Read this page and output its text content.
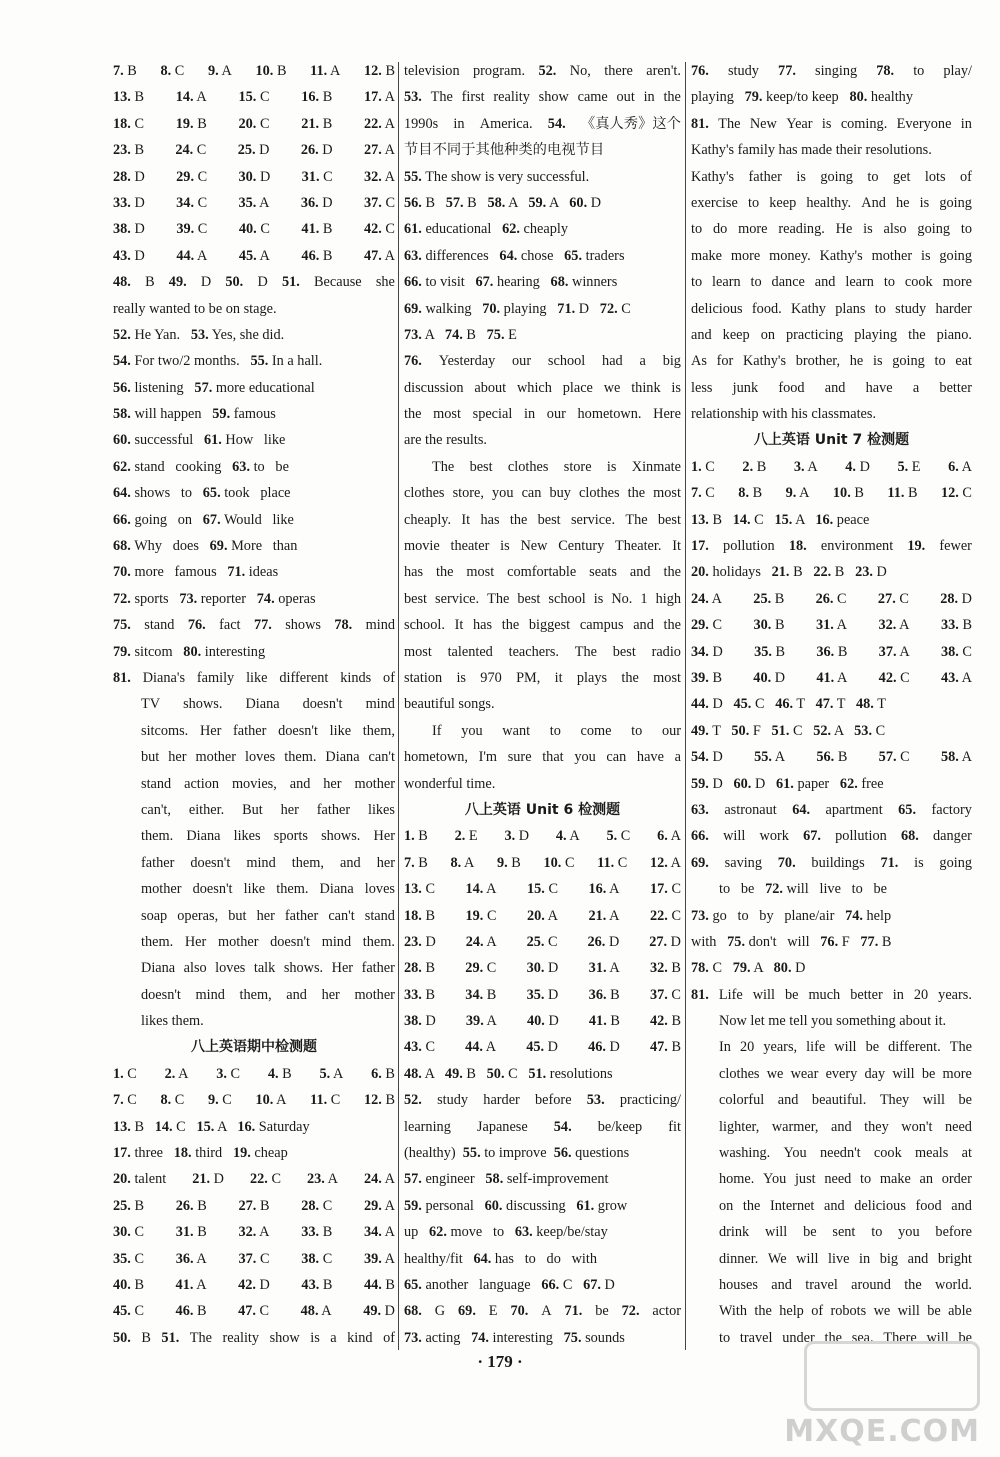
7. B 8. C 9. A 10. B 11. A 12. B
13. B 14. A 15. C 16. B 17. A
18. C 19. B 20. C 21. B 22. A
23. B 24. C 25. D 26. D 27. A
28. D 29. C 30. D 31. C 32. A
33. D 34. C 35. A 36. D 37. C
38. D 39. C 40. C 41. B 42. C
43. D 44. A 45. A 46. B 47. A
48. B 49. D 50. D 51. Because she
really wanted to be on stage.
52. He Yan.   53. Yes, she did.
54. For two/2 months.   55. In a hall.
56. listening   57. more educational
58. will happen   59. famous
60. successful   61. How   like
62. stand   cooking   63. to   be
64. shows   to   65. took   place
66. going   on   67. Would   like
68. Why   does   69. More   than
70. more   famous   71. ideas
72. sports   73. reporter   74. operas
75. stand 76. fact 77. shows 78. mind
79. sitcom   80. interesting
81. Diana's family like different kinds of
TV shows. Diana doesn't mind
sitcoms. Her father doesn't like them,
but her mother loves them. Diana can't
stand action movies, and her mother
can't, either. But her father likes
them. Diana likes sports shows. Her
father doesn't mind them, and her
mother doesn't like them. Diana loves
soap operas, but her father can't stand
them. Her mother doesn't mind them.
Diana also loves talk shows. Her father
doesn't mind them, and her mother
likes them.
八上英语期中检测题
1. C 2. A 3. C 4. B 5. A 6. B
7. C 8. C 9. C 10. A 11. C 12. B
13. B   14. C   15. A   16. Saturday
17. three   18. third   19. cheap
20. talent 21. D 22. C 23. A 24. A
25. B 26. B 27. B 28. C 29. A
30. C 31. B 32. A 33. B 34. A
35. C 36. A 37. C 38. C 39. A
40. B 41. A 42. D 43. B 44. B
45. C 46. B 47. C 48. A 49. D
50. B 51. The reality show is a kind of
television program. 52. No, there aren't.
53. The first reality show came out in the
1990s in America. 54. 《真人秀》这个
节目不同于其他种类的电视节目
55. The show is very successful.
56. B   57. B   58. A   59. A   60. D
61. educational   62. cheaply
63. differences   64. chose   65. traders
66. to visit   67. hearing   68. winners
69. walking   70. playing   71. D   72. C
73. A   74. B   75. E
76. Yesterday our school had a big
discussion about which place we think is
the most special in our hometown. Here
are the results.
The best clothes store is Xinmate
clothes store, you can buy clothes the most
cheaply. It has the best service. The best
movie theater is New Century Theater. It
has the most comfortable seats and the
best service. The best school is No. 1 high
school. It has the biggest campus and the
most talented teachers. The best radio
station is 970 PM, it plays the most
beautiful songs.
If you want to come to our
hometown, I'm sure that you can have a
wonderful time.
八上英语 Unit 6 检测题
1. B 2. E 3. D 4. A 5. C 6. A
7. B 8. A 9. B 10. C 11. C 12. A
13. C 14. A 15. C 16. A 17. C
18. B 19. C 20. A 21. A 22. C
23. D 24. A 25. C 26. D 27. D
28. B 29. C 30. D 31. A 32. B
33. B 34. B 35. D 36. B 37. C
38. D 39. A 40. D 41. B 42. B
43. C 44. A 45. D 46. D 47. B
48. A   49. B   50. C   51. resolutions
52. study harder before 53. practicing/
learning Japanese 54. be/keep fit
(healthy)  55. to improve  56. questions
57. engineer   58. self-improvement
59. personal   60. discussing   61. grow
up   62. move   to   63. keep/be/stay
healthy/fit   64. has   to   do   with
65. another   language   66. C   67. D
68. G 69. E 70. A 71. be 72. actor
73. acting   74. interesting   75. sounds
76. study 77. singing 78. to play/
playing   79. keep/to keep   80. healthy
81. The New Year is coming. Everyone in
Kathy's family has made their resolutions.
Kathy's father is going to get lots of
exercise to keep healthy. And he is going
to do more reading. He is also going to
make more money. Kathy's mother is going
to learn to dance and learn to cook more
delicious food. Kathy plans to study harder
and keep on practicing playing the piano.
As for Kathy's brother, he is going to eat
less junk food and have a better
relationship with his classmates.
八上英语 Unit 7 检测题
1. C 2. B 3. A 4. D 5. E 6. A
7. C 8. B 9. A 10. B 11. B 12. C
13. B   14. C   15. A   16. peace
17. pollution 18. environment 19. fewer
20. holidays   21. B   22. B   23. D
24. A 25. B 26. C 27. C 28. D
29. C 30. B 31. A 32. A 33. B
34. D 35. B 36. B 37. A 38. C
39. B 40. D 41. A 42. C 43. A
44. D   45. C   46. T   47. T   48. T
49. T   50. F   51. C   52. A   53. C
54. D 55. A 56. B 57. C 58. A
59. D   60. D   61. paper   62. free
63. astronaut 64. apartment 65. factory
66. will work 67. pollution 68. danger
69. saving 70. buildings 71. is going
to   be   72. will   live   to   be
73. go   to   by   plane/air   74. help
with   75. don't   will   76. F   77. B
78. C   79. A   80. D
81. Life will be much better in 20 years.
Now let me tell you something about it.
In 20 years, life will be different. The
clothes we wear every day will be more
colorful and beautiful. They will be
lighter, warmer, and they won't need
washing. You needn't cook meals at
home. You just need to make an order
on the Internet and delicious food and
drink will be sent to you before
dinner. We will live in big and bright
houses and travel around the world.
With the help of robots we will be able
to travel under the sea. There will be
· 179 ·
MXQE.COM
